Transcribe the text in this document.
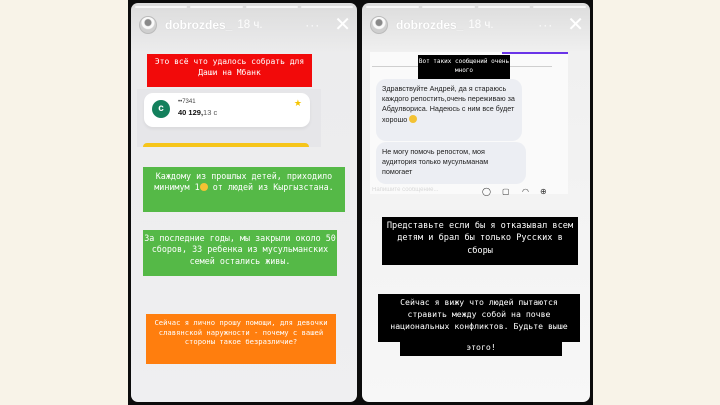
dobrozdes_ 18 ч.	··· ✕
Это всё что удалось собрать для Даши на Мбанк
с
••7341
40 129,13 с
★
Каждому из прошлых детей, приходило минимум 1 от людей из Кыргызстана.
За последние годы, мы закрыли около 50 сборов, 33 ребенка из мусульманских семей остались живы.
Сейчас я лично прошу помощи, для девочки славянской наружности - почему с вашей стороны такое безразличие?
dobrozdes_ 18 ч.	··· ✕
Вот таких сообщений очень много
Здравствуйте Андрей, да я стараюсь каждого репостить,очень переживаю за Абдулвориса. Надеюсь с ним все будет хорошо
Не могу помочь репостом, моя аудитория только мусульманам помогает
Напишите сообщение...	◯ ▢ ◠ ⊕
Представьте если бы я отказывал всем детям и брал бы только Русских в сборы
Сейчас я вижу что людей пытаются стравить между собой на почве национальных конфликтов. Будьте выше
этого!
